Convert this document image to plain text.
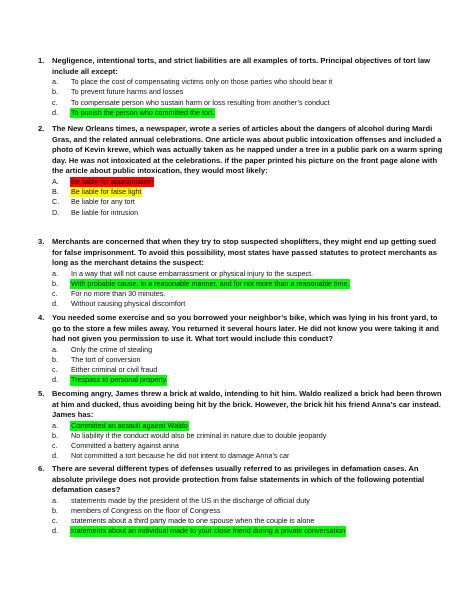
1. Negligence, intentional torts, and strict liabilities are all examples of torts. Principal objectives of tort law include all except:
a.	To place the cost of compensating victims only on those parties who should bear it
b.	To prevent future harms and losses
c.	To compensate person who sustain harm or loss resulting from another’s conduct
d.	To punish the person who committed the tort.
2. The New Orleans times, a newspaper, wrote a series of articles about the dangers of alcohol during Mardi Gras, and the related annual celebrations. One article was about public intoxication offenses and included a photo of Kevin krewe, which was actually taken as he napped under a tree in a public park on a warm spring day. He was not intoxicated at the celebrations. if the paper printed his picture on the front page alone with the article about public intoxication, they would most likely:
A.	Be liable for appropriation
B.	Be liable for false light
C.	Be liable for any tort
D.	Be liable for intrusion
3. Merchants are concerned that when they try to stop suspected shoplifters, they might end up getting sued for false imprisonment. To avoid this possibility, most states have passed statutes to protect merchants as long as the merchant detains the suspect:
a.	In a way that will not cause embarrassment or physical injury to the suspect.
b.	With probable cause, in a reasonable manner, and for not more than a reasonable time.
c.	For no more than 30 minutes.
d.	Without causing physical discomfort
4. You needed some exercise and so you borrowed your neighbor’s bike, which was lying in his front yard, to go to the store a few miles away. You returned it several hours later. He did not know you were taking it and had not given you permission to use it. What tort would include this conduct?
a.	Only the crime of stealing
b.	The tort of conversion
c.	Either criminal or civil fraud
d.	Trespass to personal property
5. Becoming angry, James threw a brick at waldo, intending to hit him. Waldo realized a brick had been thrown at him and ducked, thus avoiding being hit by the brick. However, the brick hit his friend Anna’s car instead. James has:
a.	Committed an assault against Waldo
b.	No liability if the conduct would also be criminal in nature due to double jeopardy
c.	Committed a battery against anna
d.	Not committed a tort because he did not intent to damage Anna’s car
6. There are several different types of defenses usually referred to as privileges in defamation cases. An absolute privilege does not provide protection from false statements in which of the following potential defamation cases?
a.	statements made by the president of the US in the discharge of official duty
b.	members of Congress on the floor of Congress
c.	statements about a third party made to one spouse when the couple is alone
d.	statements about an individual made to your close friend during a private conversation
